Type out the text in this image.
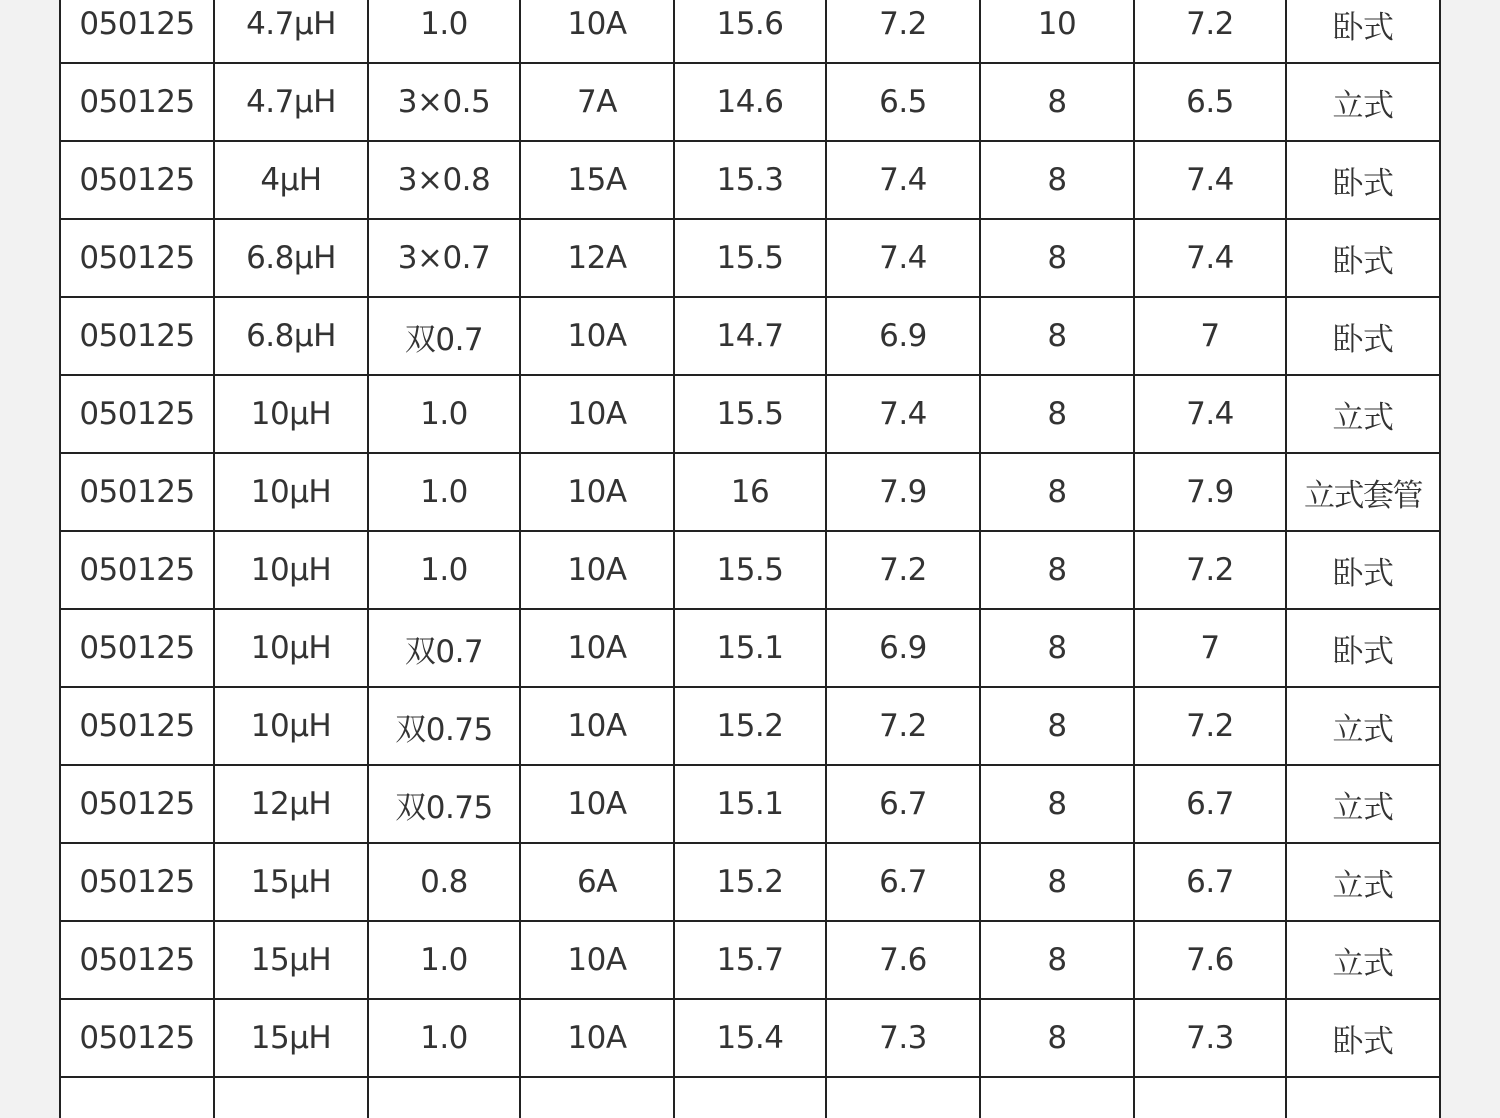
050125	4.7μH	1.0	10A	15.6	7.2	10	7.2	卧式
050125	4.7μH	3×0.5	7A	14.6	6.5	8	6.5	立式
050125	4μH	3×0.8	15A	15.3	7.4	8	7.4	卧式
050125	6.8μH	3×0.7	12A	15.5	7.4	8	7.4	卧式
050125	6.8μH	双0.7	10A	14.7	6.9	8	7	卧式
050125	10μH	1.0	10A	15.5	7.4	8	7.4	立式
050125	10μH	1.0	10A	16	7.9	8	7.9	立式套管
050125	10μH	1.0	10A	15.5	7.2	8	7.2	卧式
050125	10μH	双0.7	10A	15.1	6.9	8	7	卧式
050125	10μH	双0.75	10A	15.2	7.2	8	7.2	立式
050125	12μH	双0.75	10A	15.1	6.7	8	6.7	立式
050125	15μH	0.8	6A	15.2	6.7	8	6.7	立式
050125	15μH	1.0	10A	15.7	7.6	8	7.6	立式
050125	15μH	1.0	10A	15.4	7.3	8	7.3	卧式
